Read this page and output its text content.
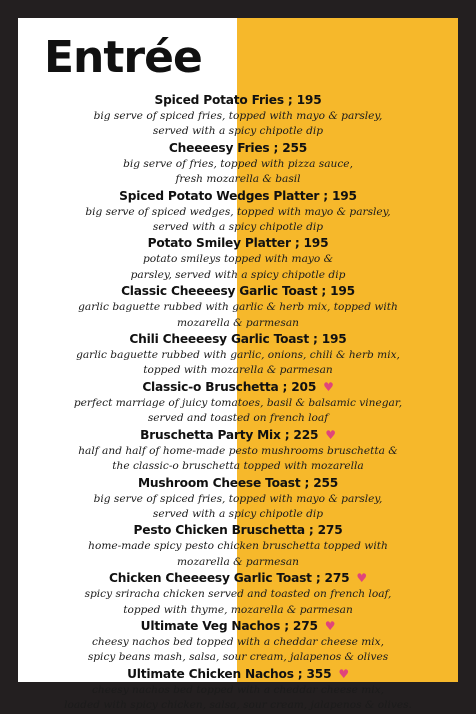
Entrée
Spiced Potato Fries ; 195
big serve of spiced fries, topped with mayo & parsley,
served with a spicy chipotle dip
Cheeeesy Fries ; 255
big serve of fries, topped with pizza sauce,
fresh mozarella & basil
Spiced Potato Wedges Platter ; 195
big serve of spiced wedges, topped with mayo & parsley,
served with a spicy chipotle dip
Potato Smiley Platter ; 195
potato smileys topped with mayo &
parsley, served with a spicy chipotle dip
Classic Cheeeesy Garlic Toast ; 195
garlic baguette rubbed with garlic & herb mix, topped with
mozarella & parmesan
Chili Cheeeesy Garlic Toast ; 195
garlic baguette rubbed with garlic, onions, chili & herb mix,
topped with mozarella & parmesan
Classic-o Bruschetta ; 205 ♥
perfect marriage of juicy tomatoes, basil & balsamic vinegar,
served and toasted on french loaf
Bruschetta Party Mix ; 225 ♥
half and half of home-made pesto mushrooms bruschetta &
the classic-o bruschetta topped with mozarella
Mushroom Cheese Toast ; 255
big serve of spiced fries, topped with mayo & parsley,
served with a spicy chipotle dip
Pesto Chicken Bruschetta ; 275
home-made spicy pesto chicken bruschetta topped with
mozarella & parmesan
Chicken Cheeeesy Garlic Toast ; 275 ♥
spicy sriracha chicken served and toasted on french loaf,
topped with thyme, mozarella & parmesan
Ultimate Veg Nachos ; 275 ♥
cheesy nachos bed topped with a cheddar cheese mix,
spicy beans mash, salsa, sour cream, jalapenos & olives
Ultimate Chicken Nachos ; 355 ♥
cheesy nachos bed topped with a cheddar cheese mix,
loaded with spicy chicken, salsa, sour cream, jalapenos & olives.
